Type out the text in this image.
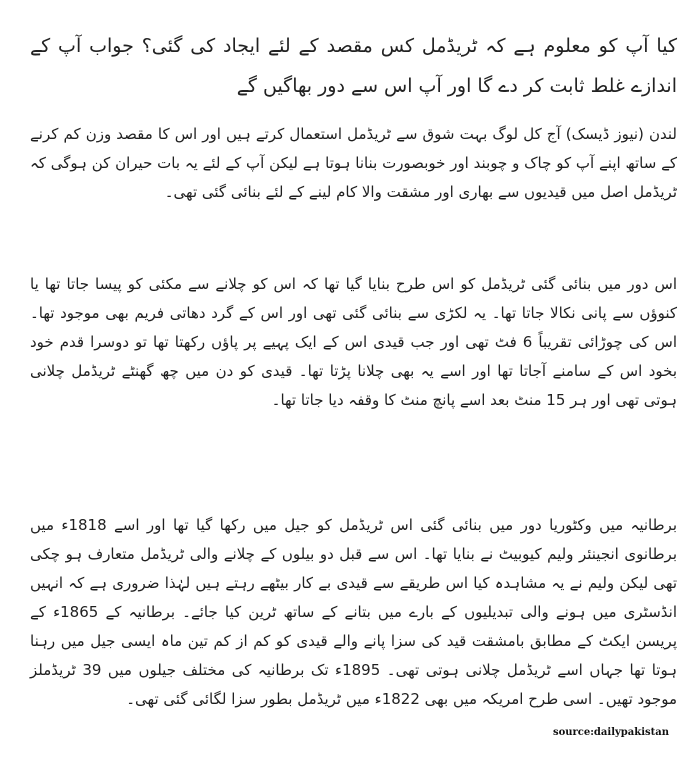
کیا آپ کو معلوم ہے کہ ٹریڈمل کس مقصد کے لئے ایجاد کی گئی؟ جواب آپ کے اندازے غلط ثابت کر دے گا اور آپ اس سے دور بھاگیں گے

لندن (نیوز ڈیسک) آج کل لوگ بہت شوق سے ٹریڈمل استعمال کرتے ہیں اور اس کا مقصد وزن کم کرنے کے ساتھ اپنے آپ کو چاک و چوبند اور خوبصورت بنانا ہوتا ہے لیکن آپ کے لئے یہ بات حیران کن ہوگی کہ ٹریڈمل اصل میں قیدیوں سے بھاری اور مشقت والا کام لینے کے لئے بنائی گئی تھی۔

اس دور میں بنائی گئی ٹریڈمل کو اس طرح بنایا گیا تھا کہ اس کو چلانے سے مکئی کو پیسا جاتا تھا یا کنوؤں سے پانی نکالا جاتا تھا۔ یہ لکڑی سے بنائی گئی تھی اور اس کے گرد دھاتی فریم بھی موجود تھا۔ اس کی چوڑائی تقریباً 6 فٹ تھی اور جب قیدی اس کے ایک پہیے پر پاؤں رکھتا تھا تو دوسرا قدم خود بخود اس کے سامنے آجاتا تھا اور اسے یہ بھی چلانا پڑتا تھا۔ قیدی کو دن میں چھ گھنٹے ٹریڈمل چلانی ہوتی تھی اور ہر 15 منٹ بعد اسے پانچ منٹ کا وقفہ دیا جاتا تھا۔

برطانیہ میں وکٹوریا دور میں بنائی گئی اس ٹریڈمل کو جیل میں رکھا گیا تھا اور اسے 1818ء میں برطانوی انجینئر ولیم کیوبیٹ نے بنایا تھا۔ اس سے قبل دو بیلوں کے چلانے والی ٹریڈمل متعارف ہو چکی تھی لیکن ولیم نے یہ مشاہدہ کیا اس طریقے سے قیدی بے کار بیٹھے رہتے ہیں لہٰذا ضروری ہے کہ انہیں انڈسٹری میں ہونے والی تبدیلیوں کے بارے میں بتانے کے ساتھ ٹرین کیا جائے۔ برطانیہ کے 1865ء کے پریسن ایکٹ کے مطابق بامشقت قید کی سزا پانے والے قیدی کو کم از کم تین ماہ ایسی جیل میں رہنا ہوتا تھا جہاں اسے ٹریڈمل چلانی ہوتی تھی۔ 1895ء تک برطانیہ کی مختلف جیلوں میں 39 ٹریڈملز موجود تھیں۔ اسی طرح امریکہ میں بھی 1822ء میں ٹریڈمل بطور سزا لگائی گئی تھی۔

source:dailypakistan
